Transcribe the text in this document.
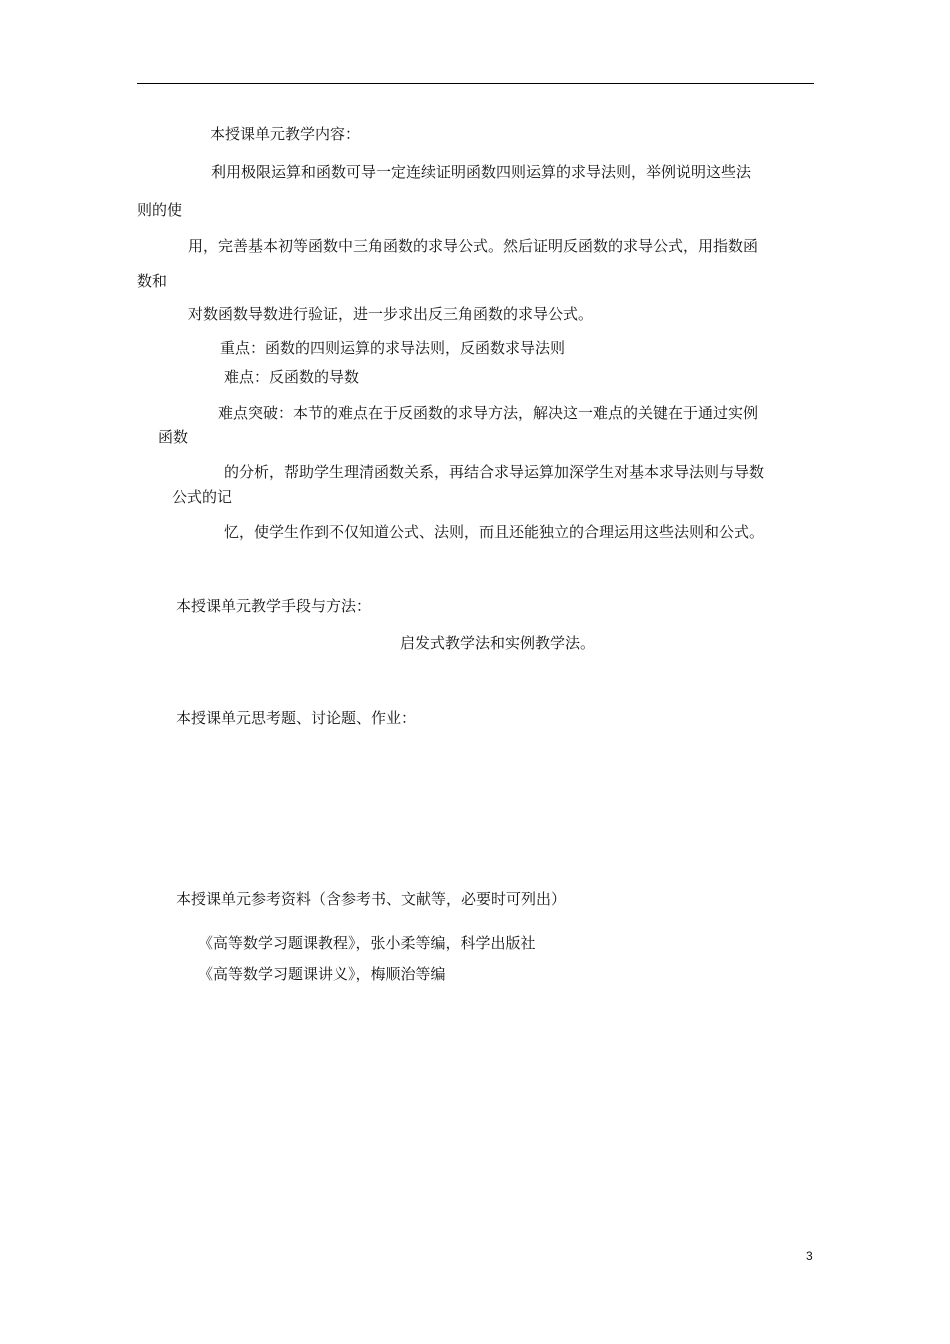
本授课单元教学内容：
利用极限运算和函数可导一定连续证明函数四则运算的求导法则，举例说明这些法
则的使
用，完善基本初等函数中三角函数的求导公式。然后证明反函数的求导公式，用指数函
数和
对数函数导数进行验证，进一步求出反三角函数的求导公式。
重点：函数的四则运算的求导法则，反函数求导法则
难点：反函数的导数
难点突破：本节的难点在于反函数的求导方法，解决这一难点的关键在于通过实例
函数
的分析，帮助学生理清函数关系，再结合求导运算加深学生对基本求导法则与导数
公式的记
忆，使学生作到不仅知道公式、法则，而且还能独立的合理运用这些法则和公式。
本授课单元教学手段与方法：
启发式教学法和实例教学法。
本授课单元思考题、讨论题、作业：
本授课单元参考资料（含参考书、文献等，必要时可列出）
《高等数学习题课教程》，张小柔等编，科学出版社
《高等数学习题课讲义》，梅顺治等编
3
